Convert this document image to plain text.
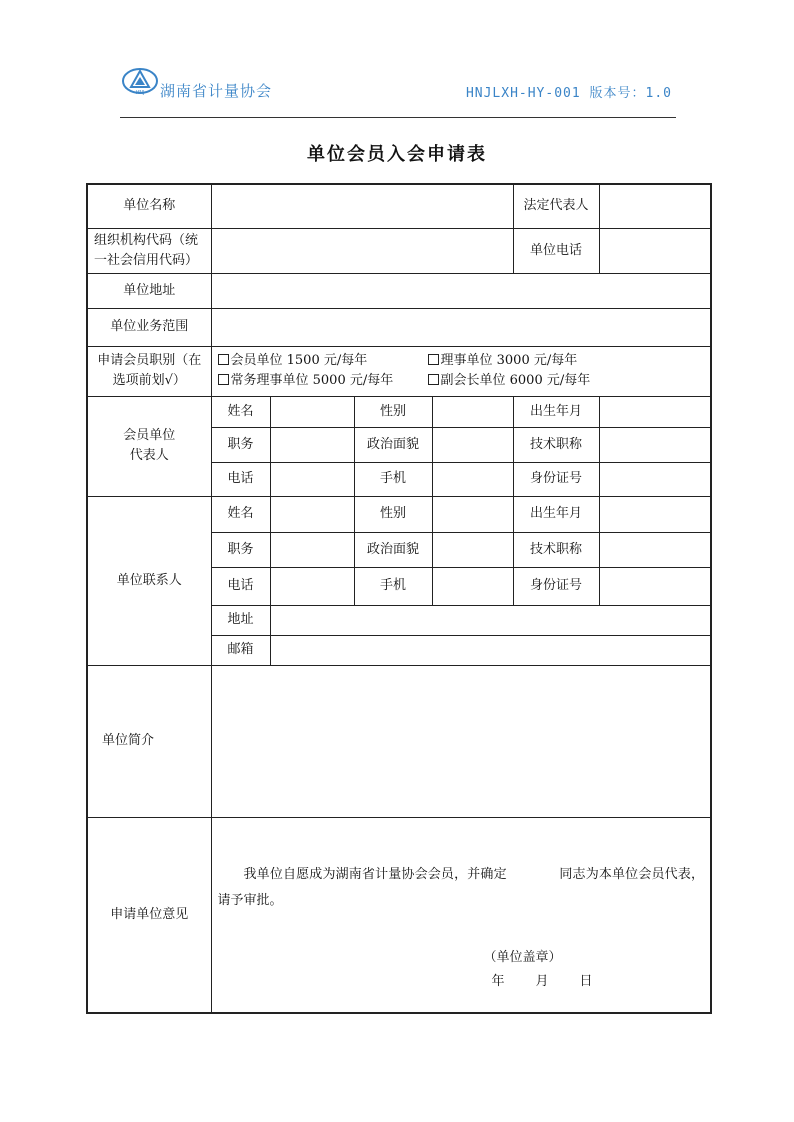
HNJ 湖南省计量协会	HNJLXH-HY-001 版本号：1.0
单位会员入会申请表
单位名称					法定代表人	
组织机构代码（统一社会信用代码）					单位电话	
单位地址						
单位业务范围						
申请会员职别（在选项前划√）	会员单位 1500 元/每年 理事单位 3000 元/每年
常务理事单位 5000 元/每年 副会长单位 6000 元/每年					

会员单位代表人	姓名		性别		出生年月	
	职务		政治面貌		技术职称	
	电话		手机		身份证号	
单位联系人	姓名		性别		出生年月	
	职务		政治面貌		技术职称	
	电话		手机		身份证号	
	地址					
	邮箱					
单位简介						
申请单位意见	我单位自愿成为湖南省计量协会会员，并确定　　　　同志为本单位会员代表，请予审批。
（单位盖章）
年 月 日					
